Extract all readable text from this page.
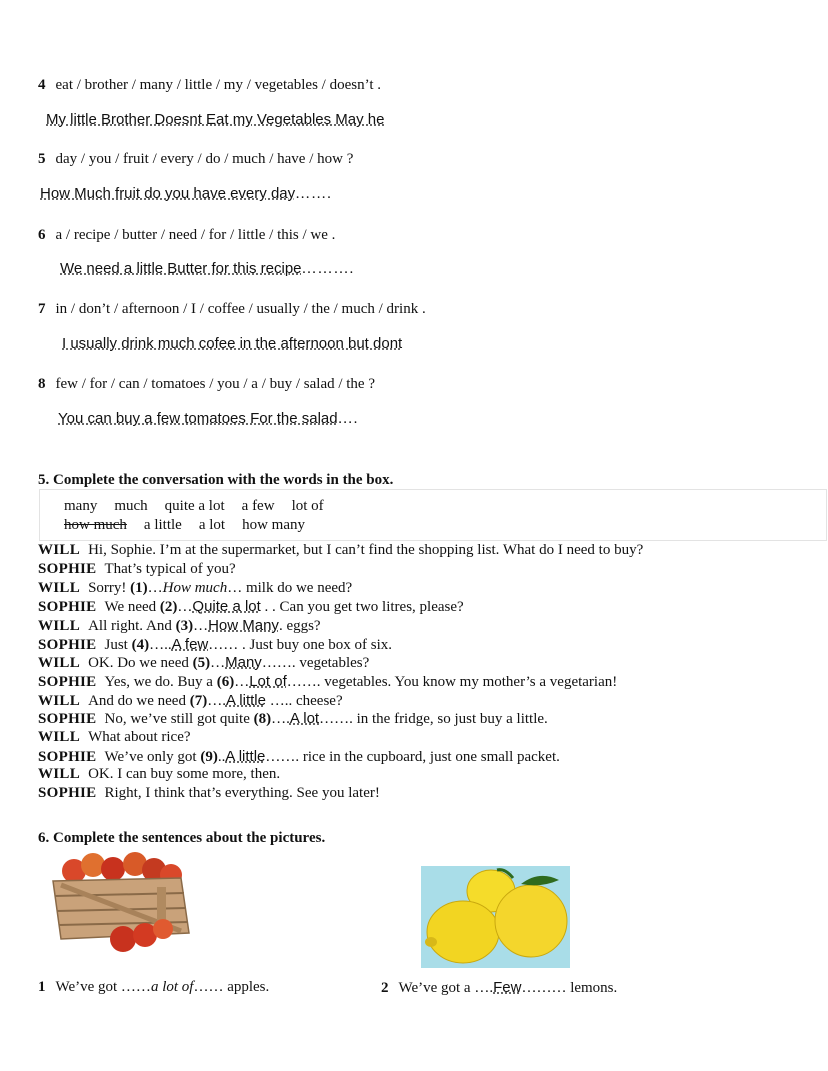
4 eat / brother / many / little / my / vegetables / doesn’t .
My little Brother Doesnt Eat my Vegetables May he
5 day / you / fruit / every / do / much / have / how ?
How Much fruit do you have every day…….
6 a / recipe / butter / need / for / little / this / we .
We need a little Butter for this recipe……….
7 in / don’t / afternoon / I / coffee / usually / the / much / drink .
I usually drink much cofee in the afternoon but dont
8 few / for / can / tomatoes / you / a / buy / salad / the ?
You can buy a few tomatoes For the salad….
5. Complete the conversation with the words in the box.
many much quite a lot a few lot of
how much a little a lot how many
WILL Hi, Sophie. I’m at the supermarket, but I can’t find the shopping list. What do I need to buy?
SOPHIE That’s typical of you?
WILL Sorry! (1)…How much… milk do we need?
SOPHIE We need (2)…Quite a lot . . Can you get two litres, please?
WILL All right. And (3)…How Many. eggs?
SOPHIE Just (4)…..A few…… . Just buy one box of six.
WILL OK. Do we need (5)…Many……. vegetables?
SOPHIE Yes, we do. Buy a (6)…Lot of……. vegetables. You know my mother’s a vegetarian!
WILL And do we need (7)….A little ….. cheese?
SOPHIE No, we’ve still got quite (8)….A lot……. in the fridge, so just buy a little.
WILL What about rice?
SOPHIE We’ve only got (9)..A little……. rice in the cupboard, just one small packet.
WILL OK. I can buy some more, then.
SOPHIE Right, I think that’s everything. See you later!
6. Complete the sentences about the pictures.
1 We’ve got ……a lot of…… apples.	2 We’ve got a ….Few……… lemons.
